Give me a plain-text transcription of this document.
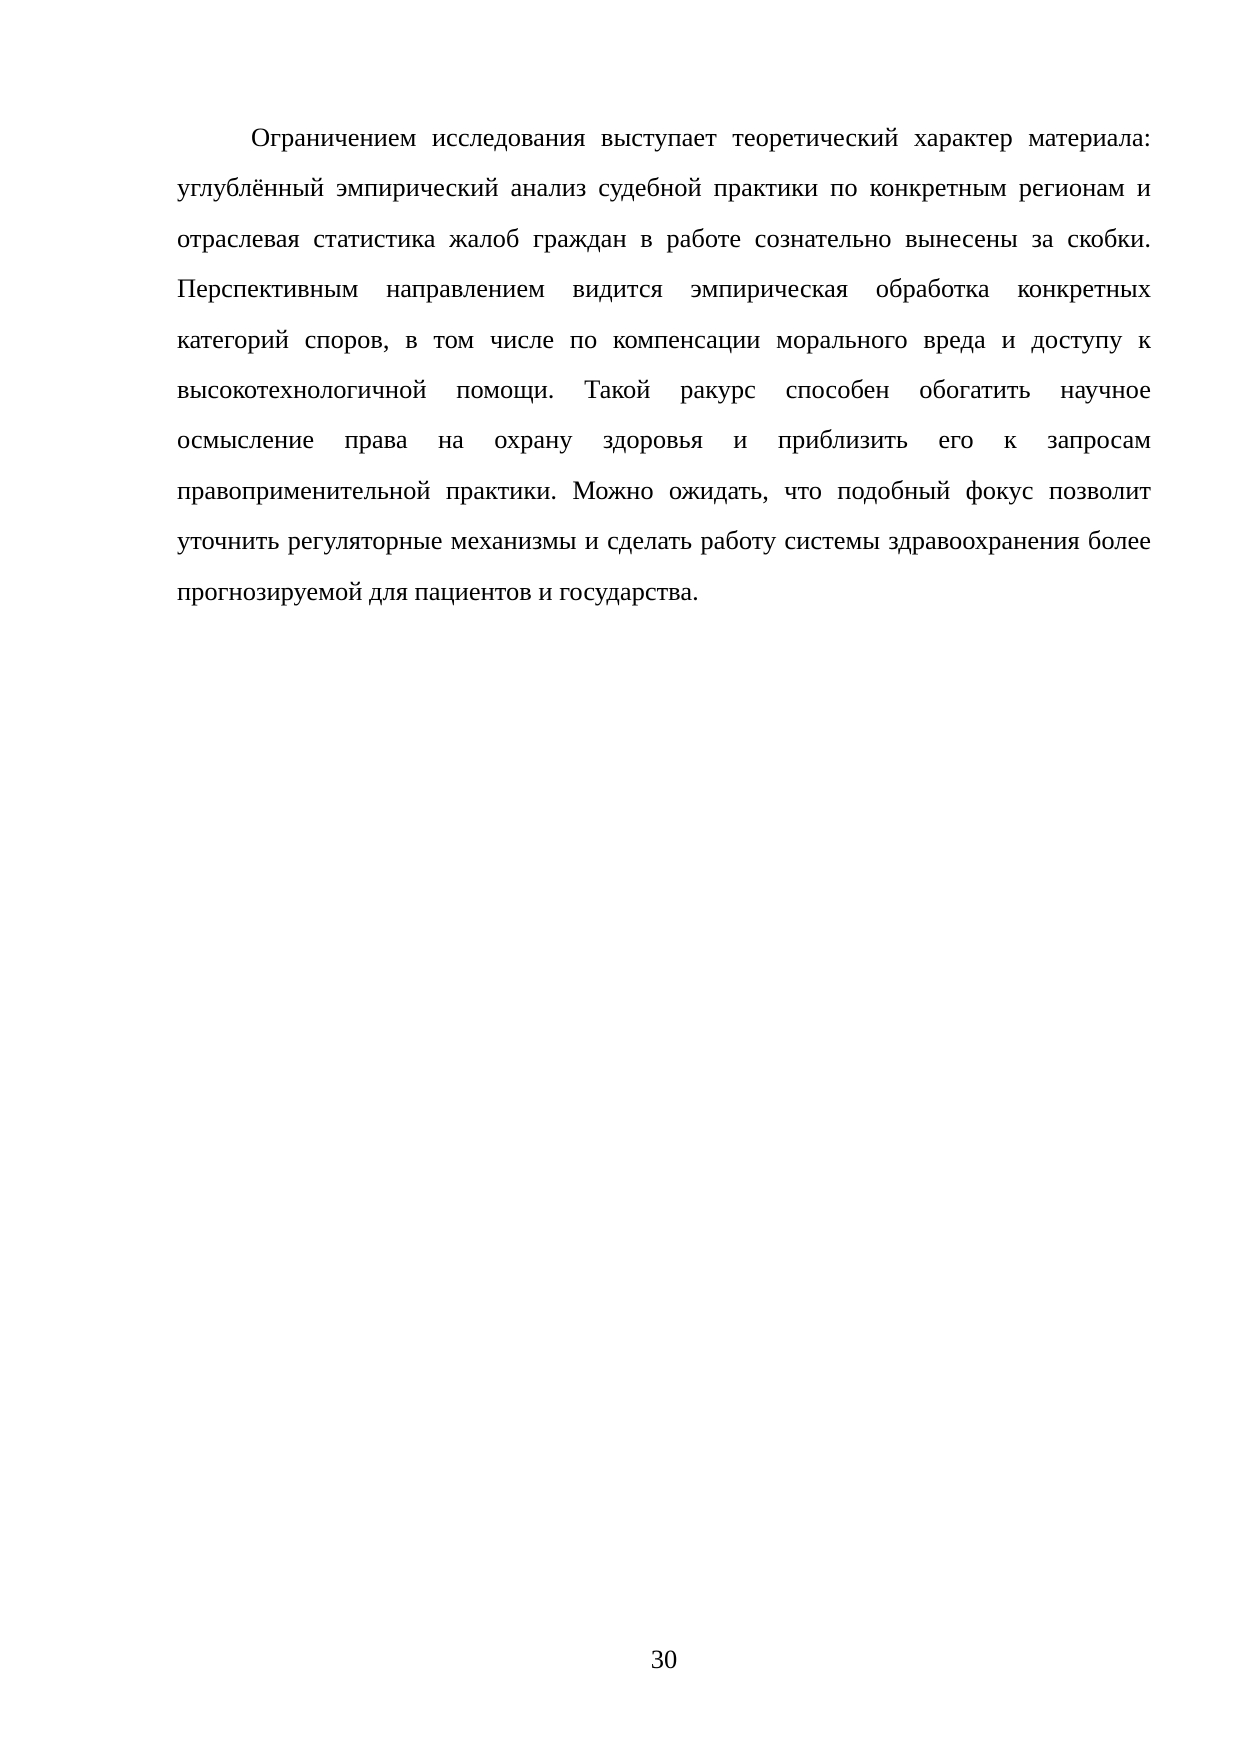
Ограничением исследования выступает теоретический характер материала: углублённый эмпирический анализ судебной практики по конкретным регионам и отраслевая статистика жалоб граждан в работе сознательно вынесены за скобки. Перспективным направлением видится эмпирическая обработка конкретных категорий споров, в том числе по компенсации морального вреда и доступу к высокотехнологичной помощи. Такой ракурс способен обогатить научное осмысление права на охрану здоровья и приблизить его к запросам правоприменительной практики. Можно ожидать, что подобный фокус позволит уточнить регуляторные механизмы и сделать работу системы здравоохранения более прогнозируемой для пациентов и государства.

30
